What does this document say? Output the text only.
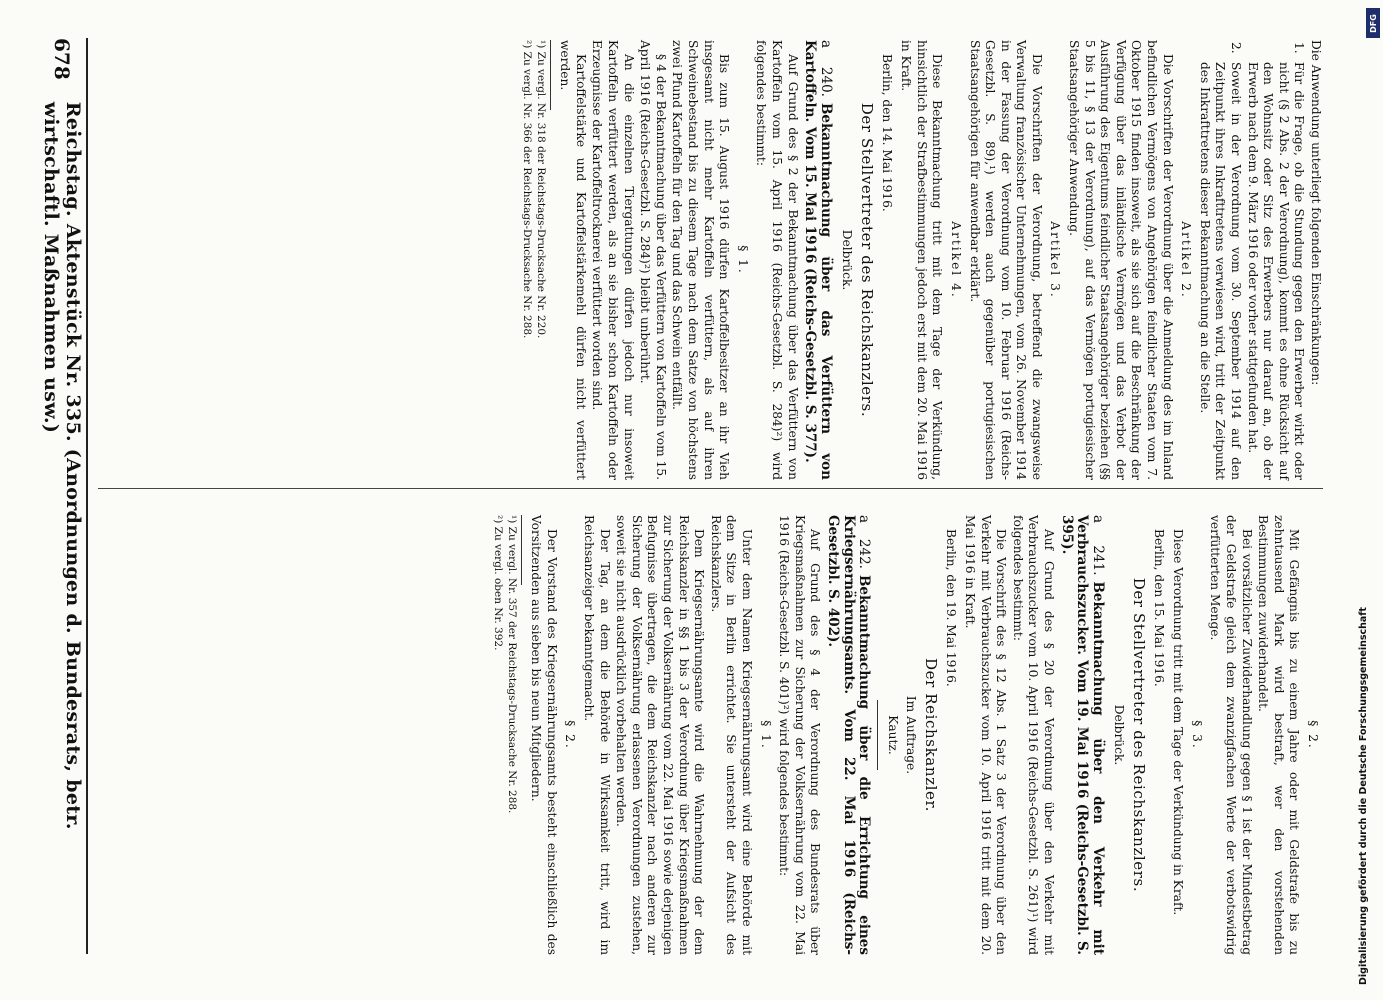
678
Reichstag. Aktenstück Nr. 335. (Anordnungen d. Bundesrats, betr. wirtschaftl. Maßnahmen usw.)	Die Anwendung unterliegt folgenden Einschränkungen:

1.
Für die Frage, ob die Stundung gegen den Erwerber wirkt oder nicht (§ 2 Abs. 2 der Verordnung), kommt es ohne Rücksicht auf den Wohnsitz oder Sitz des Erwerbers nur darauf an, ob der Erwerb nach dem 9. März 1916 oder vorher stattgefunden hat.

2.
Soweit in der Verordnung vom 30. September 1914 auf den Zeitpunkt ihres Inkrafttretens verwiesen wird, tritt der Zeitpunkt des Inkrafttretens dieser Bekanntmachung an die Stelle.

Artikel 2.

Die Vorschriften der Verordnung über die Anmeldung des im Inland befindlichen Vermögens von Angehörigen feindlicher Staaten vom 7. Oktober 1915 finden insoweit, als sie sich auf die Beschränkung der Verfügung über das inländische Vermögen und das Verbot der Ausführung des Eigentums feindlicher Staatsangehöriger beziehen (§§ 5 bis 11, § 13 der Verordnung), auf das Vermögen portugiesischer Staatsangehöriger Anwendung.

Artikel 3.

Die Vorschriften der Verordnung, betreffend die zwangsweise Verwaltung französischer Unternehmungen, vom 26. November 1914 in der Fassung der Verordnung vom 10. Februar 1916 (Reichs-Gesetzbl. S. 89),¹) werden auch gegenüber portugiesischen Staatsangehörigen für anwendbar erklärt.

Artikel 4.

Diese Bekanntmachung tritt mit dem Tage der Verkündung, hinsichtlich der Strafbestimmungen jedoch erst mit dem 20. Mai 1916 in Kraft.

Berlin, den 14. Mai 1916.

Der Stellvertreter des Reichskanzlers.

Delbrück.

a 240.Bekanntmachung über das Verfüttern von Kartoffeln. Vom 15. Mai 1916 (Reichs-Gesetzbl. S. 377).

Auf Grund des § 2 der Bekanntmachung über das Verfüttern von Kartoffeln vom 15. April 1916 (Reichs-Gesetzbl. S. 284)²) wird folgendes bestimmt:

§ 1.

Bis zum 15. August 1916 dürfen Kartoffelbesitzer an ihr Vieh insgesamt nicht mehr Kartoffeln verfüttern, als auf ihren Schweinebestand bis zu diesem Tage nach dem Satze von höchstens zwei Pfund Kartoffeln für den Tag und das Schwein entfällt.

§ 4 der Bekanntmachung über das Verfüttern von Kartoffeln vom 15. April 1916 (Reichs-Gesetzbl. S. 284)²) bleibt unberührt.

An die einzelnen Tiergattungen dürfen jedoch nur insoweit Kartoffeln verfüttert werden, als an sie bisher schon Kartoffeln oder Erzeugnisse der Kartoffeltrocknerei verfüttert worden sind.

Kartoffelstärke und Kartoffelstärkemehl dürfen nicht verfüttert werden.

¹) Zu vergl. Nr. 318 der Reichstags-Drucksache Nr. 220.

²) Zu vergl. Nr. 366 der Reichstags-Drucksache Nr. 288.

§ 2.

Mit Gefängnis bis zu einem Jahre oder mit Geldstrafe bis zu zehntausend Mark wird bestraft, wer den vorstehenden Bestimmungen zuwiderhandelt.

Bei vorsätzlicher Zuwiderhandlung gegen § 1 ist der Mindestbetrag der Geldstrafe gleich dem zwanzigfachen Werte der verbotswidrig verfütterten Menge.

§ 3.

Diese Verordnung tritt mit dem Tage der Verkündung in Kraft.

Berlin, den 15. Mai 1916.

Der Stellvertreter des Reichskanzlers.

Delbrück.

a 241.Bekanntmachung über den Verkehr mit Verbrauchszucker. Vom 19. Mai 1916 (Reichs-Gesetzbl. S. 395).

Auf Grund des § 20 der Verordnung über den Verkehr mit Verbrauchszucker vom 10. April 1916 (Reichs-Gesetzbl. S. 261)¹) wird folgendes bestimmt:

Die Vorschrift des § 12 Abs. 1 Satz 3 der Verordnung über den Verkehr mit Verbrauchszucker vom 10. April 1916 tritt mit dem 20. Mai 1916 in Kraft.

Berlin, den 19. Mai 1916.

Der Reichskanzler.

Im Auftrage.

Kautz.

a 242.Bekanntmachung über die Errichtung eines Kriegsernährungsamts. Vom 22. Mai 1916 (Reichs-Gesetzbl. S. 402).

Auf Grund des § 4 der Verordnung des Bundesrats über Kriegsmaßnahmen zur Sicherung der Volksernährung vom 22. Mai 1916 (Reichs-Gesetzbl. S. 401)²) wird folgendes bestimmt:

§ 1.

Unter dem Namen Kriegsernährungsamt wird eine Behörde mit dem Sitze in Berlin errichtet. Sie untersteht der Aufsicht des Reichskanzlers.

Dem Kriegsernährungsamte wird die Wahrnehmung der dem Reichskanzler in §§ 1 bis 3 der Verordnung über Kriegsmaßnahmen zur Sicherung der Volksernährung vom 22. Mai 1916 sowie derjenigen Befugnisse übertragen, die dem Reichskanzler nach anderen zur Sicherung der Volksernährung erlassenen Verordnungen zustehen, soweit sie nicht ausdrücklich vorbehalten werden.

Der Tag, an dem die Behörde in Wirksamkeit tritt, wird im Reichsanzeiger bekanntgemacht.

§ 2.

Der Vorstand des Kriegsernährungsamts besteht einschließlich des Vorsitzenden aus sieben bis neun Mitgliedern.

¹) Zu vergl. Nr. 357 der Reichstags-Drucksache Nr. 288.

²) Zu vergl. oben Nr. 392.

Digitalisierung gefördert durch die Deutsche Forschungsgemeinschaft
DFG
